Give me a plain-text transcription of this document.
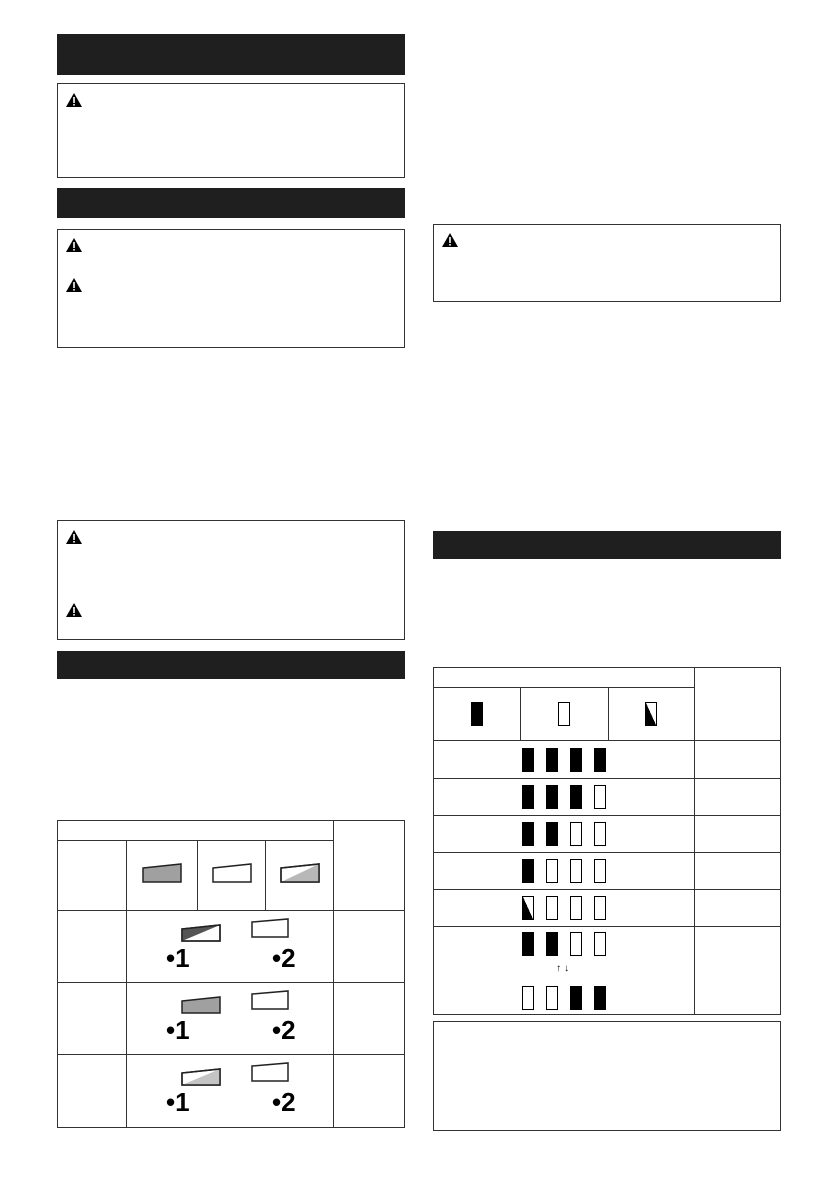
	•1 •2			

	•1 •2			

	•1 •2			

↑↓			
